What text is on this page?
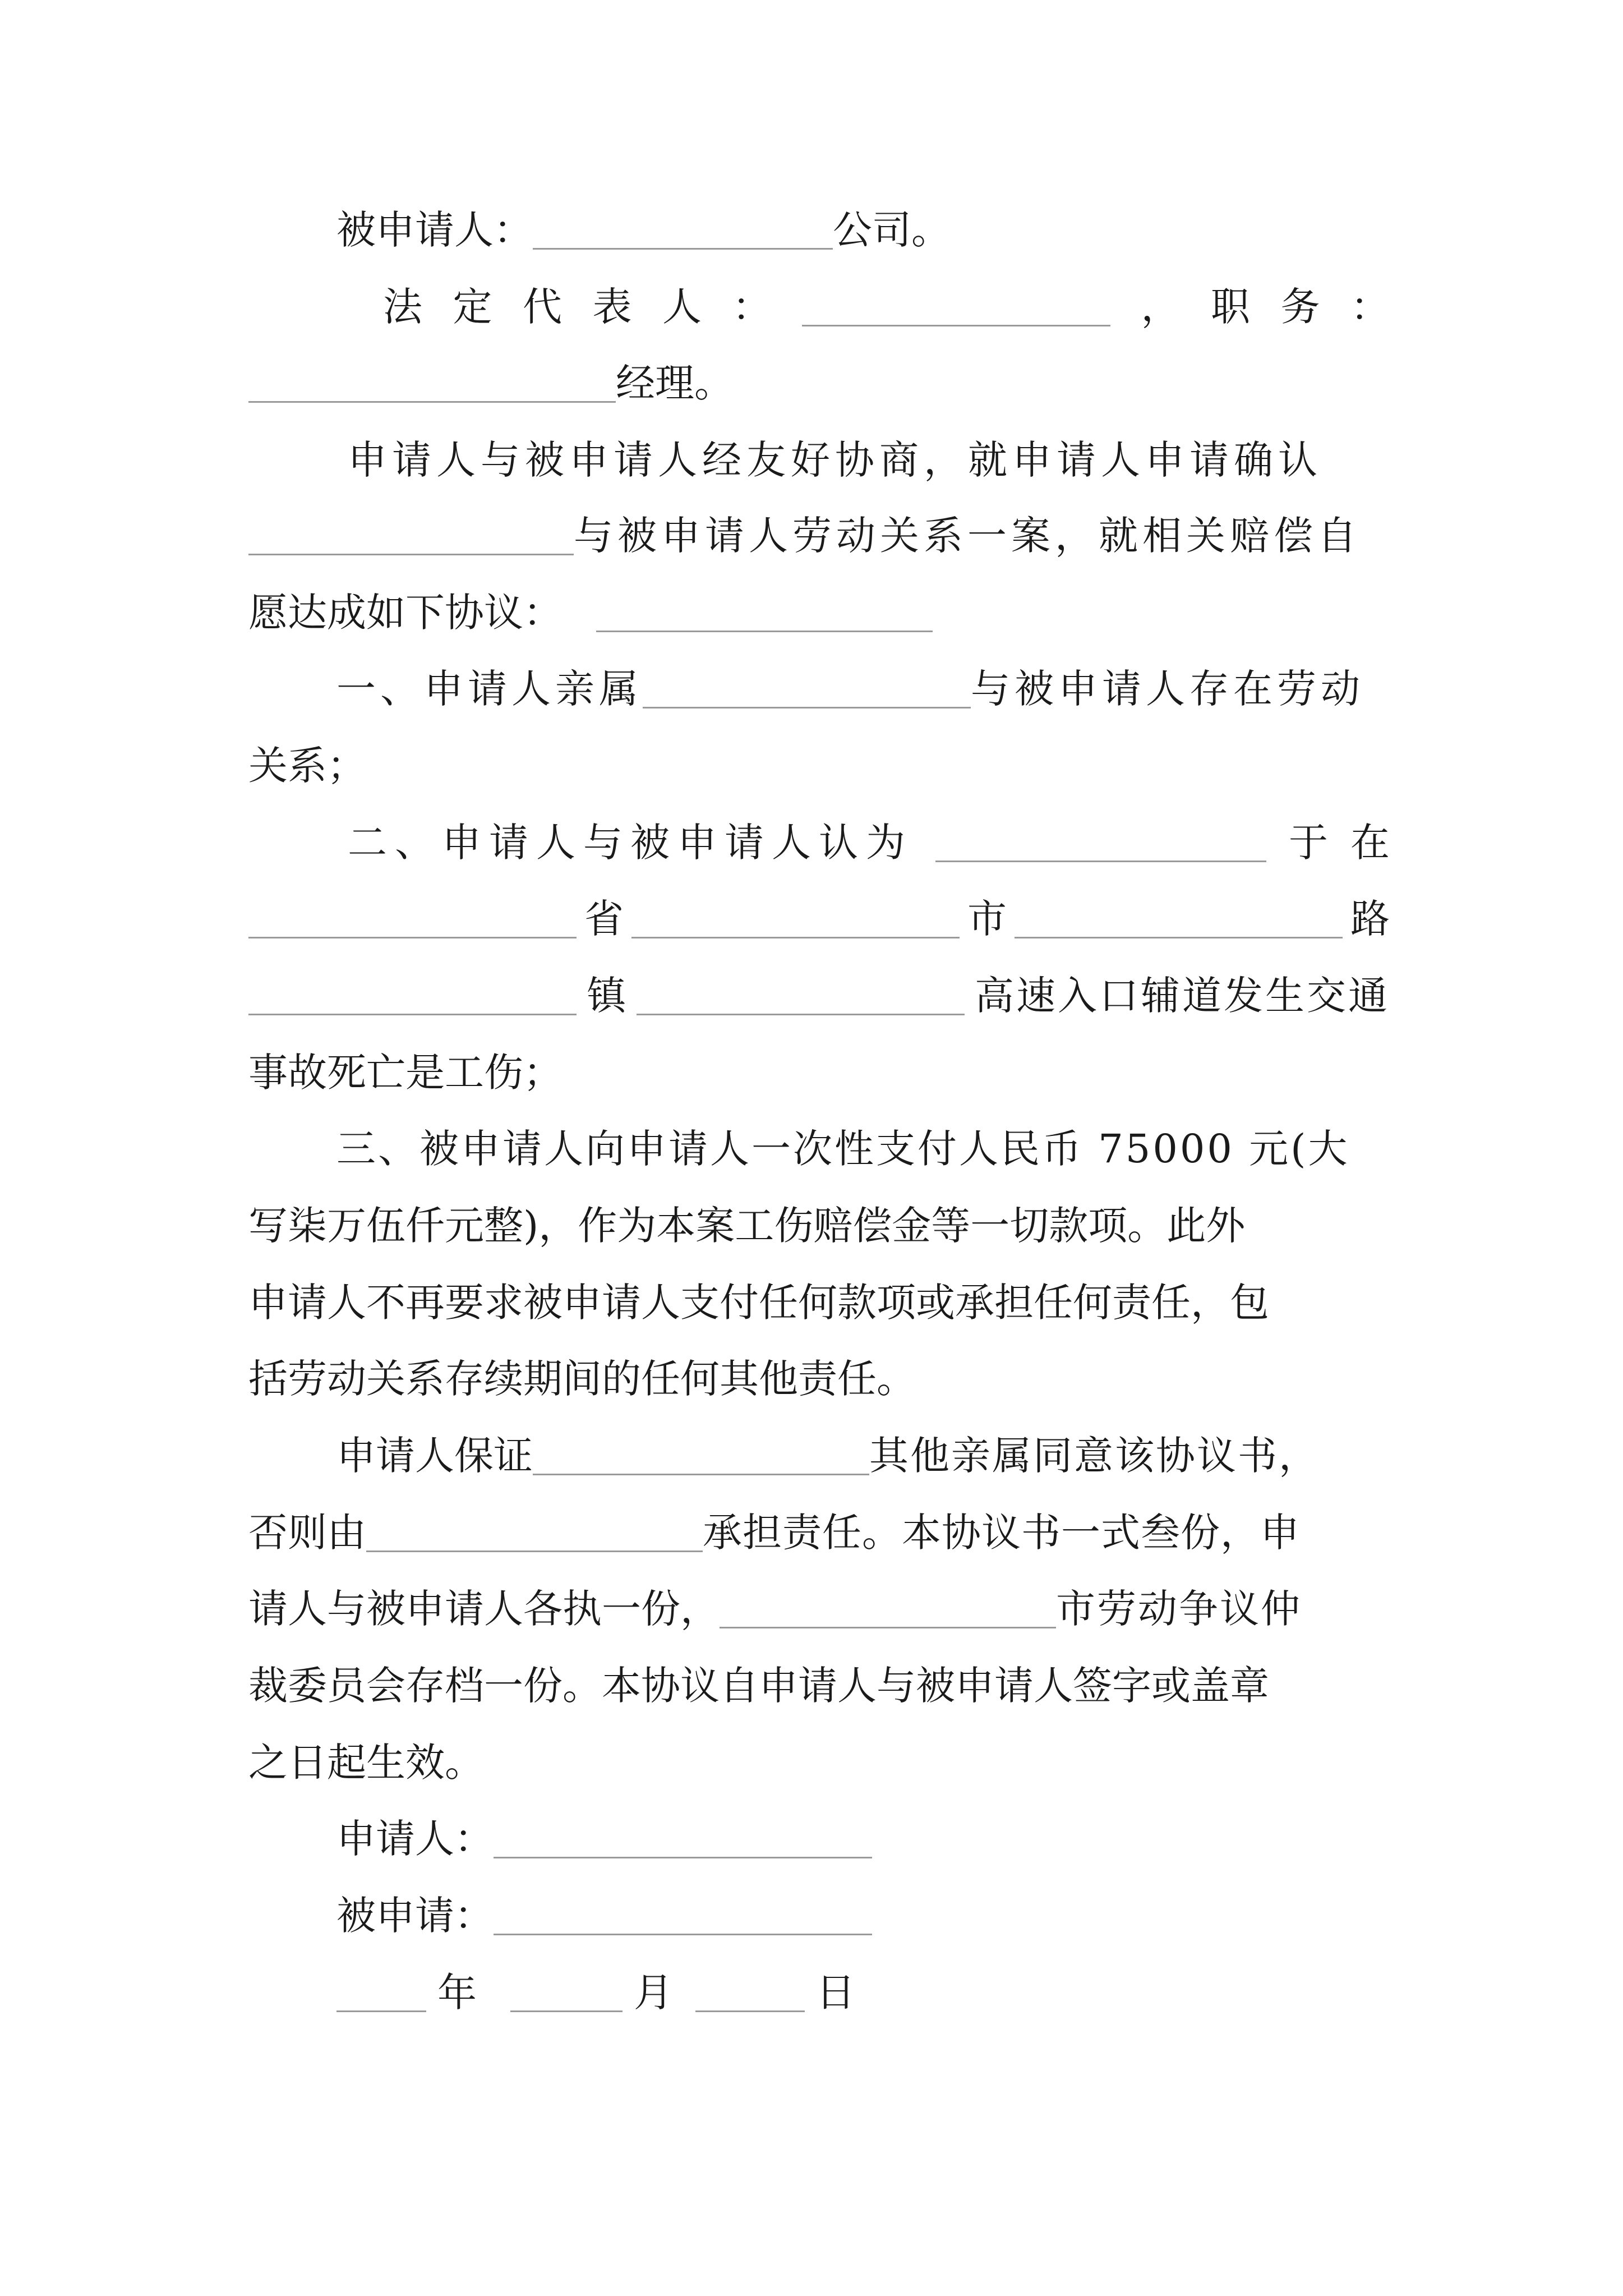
被申请人：	公司。
法 定 代 表 人 ：	， 职 务 ：
经理。
申请人与被申请人经友好协商，就申请人申请确认
与被申请人劳动关系一案，就相关赔偿自
愿达成如下协议：
一、申请人亲属	与被申请人存在劳动
关系；
二、申请人与被申请人认为	于 在
省	市	路
镇	高速入口辅道发生交通
事故死亡是工伤；
三、被申请人向申请人一次性支付人民币 75000 元(大
写柒万伍仟元整)，作为本案工伤赔偿金等一切款项。此外
申请人不再要求被申请人支付任何款项或承担任何责任，包
括劳动关系存续期间的任何其他责任。
申请人保证	其他亲属同意该协议书，
否则由	承担责任。本协议书一式叁份，申
请人与被申请人各执一份，	市劳动争议仲
裁委员会存档一份。本协议自申请人与被申请人签字或盖章
之日起生效。
申请人：
被申请：
年	月	日
